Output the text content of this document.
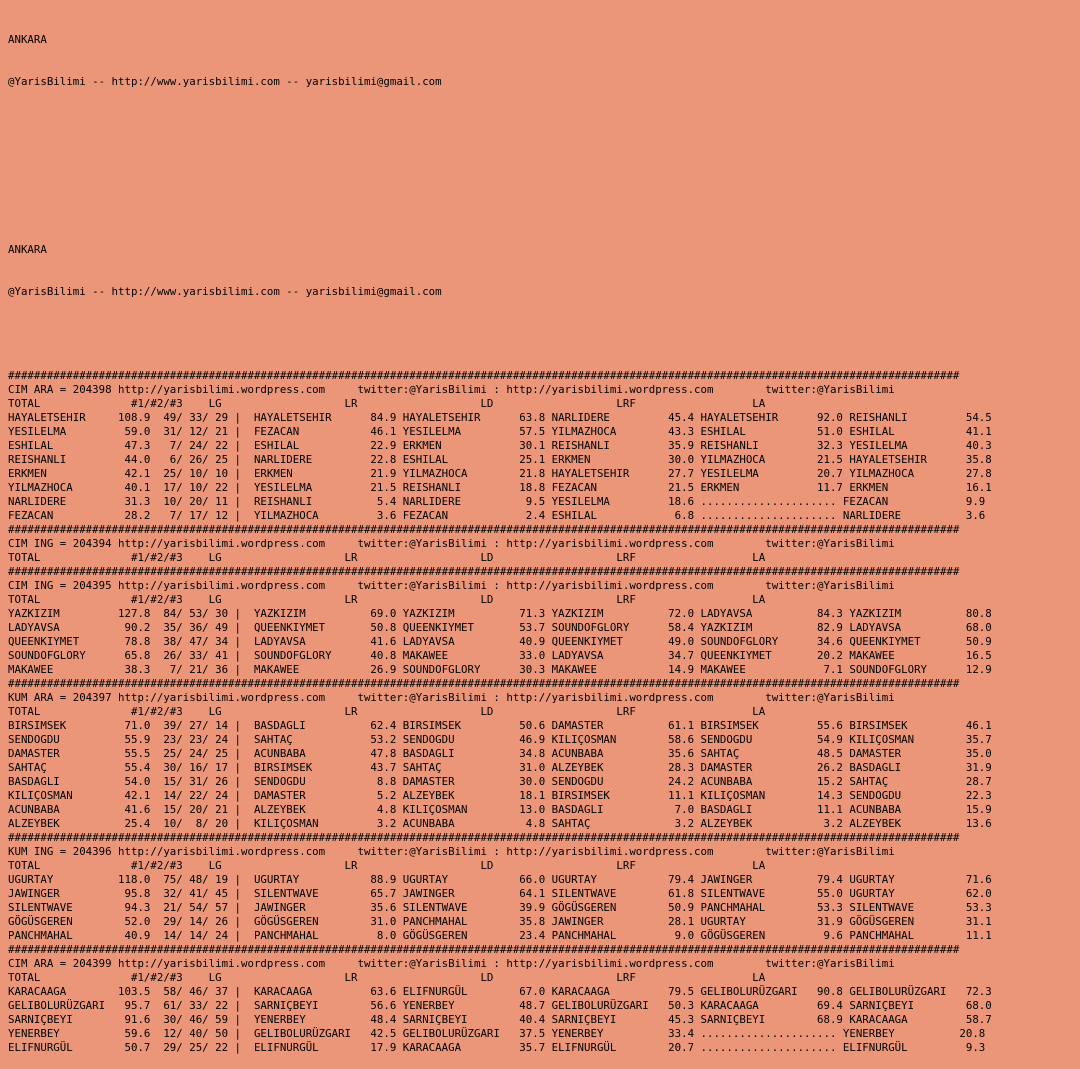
ANKARA

@YarisBilimi -- http://www.yarisbilimi.com -- yarisbilimi@gmail.com

ANKARA

@YarisBilimi -- http://www.yarisbilimi.com -- yarisbilimi@gmail.com

###################################################################################################################################################
CIM ARA = 204398 http://yarisbilimi.wordpress.com     twitter:@YarisBilimi : http://yarisbilimi.wordpress.com        twitter:@YarisBilimi
TOTAL              #1/#2/#3    LG                   LR                   LD                   LRF                  LA
HAYALETSEHIR     108.9  49/ 33/ 29 |  HAYALETSEHIR      84.9 HAYALETSEHIR      63.8 NARLIDERE         45.4 HAYALETSEHIR      92.0 REISHANLI         54.5
YESILELMA         59.0  31/ 12/ 21 |  FEZACAN           46.1 YESILELMA         57.5 YILMAZHOCA        43.3 ESHILAL           51.0 ESHILAL           41.1
ESHILAL           47.3   7/ 24/ 22 |  ESHILAL           22.9 ERKMEN            30.1 REISHANLI         35.9 REISHANLI         32.3 YESILELMA         40.3
REISHANLI         44.0   6/ 26/ 25 |  NARLIDERE         22.8 ESHILAL           25.1 ERKMEN            30.0 YILMAZHOCA        21.5 HAYALETSEHIR      35.8
ERKMEN            42.1  25/ 10/ 10 |  ERKMEN            21.9 YILMAZHOCA        21.8 HAYALETSEHIR      27.7 YESILELMA         20.7 YILMAZHOCA        27.8
YILMAZHOCA        40.1  17/ 10/ 22 |  YESILELMA         21.5 REISHANLI         18.8 FEZACAN           21.5 ERKMEN            11.7 ERKMEN            16.1
NARLIDERE         31.3  10/ 20/ 11 |  REISHANLI          5.4 NARLIDERE          9.5 YESILELMA         18.6 ..................... FEZACAN            9.9
FEZACAN           28.2   7/ 17/ 12 |  YILMAZHOCA         3.6 FEZACAN            2.4 ESHILAL            6.8 ..................... NARLIDERE          3.6
###################################################################################################################################################
CIM ING = 204394 http://yarisbilimi.wordpress.com     twitter:@YarisBilimi : http://yarisbilimi.wordpress.com        twitter:@YarisBilimi
TOTAL              #1/#2/#3    LG                   LR                   LD                   LRF                  LA
###################################################################################################################################################
CIM ING = 204395 http://yarisbilimi.wordpress.com     twitter:@YarisBilimi : http://yarisbilimi.wordpress.com        twitter:@YarisBilimi
TOTAL              #1/#2/#3    LG                   LR                   LD                   LRF                  LA
YAZKIZIM         127.8  84/ 53/ 30 |  YAZKIZIM          69.0 YAZKIZIM          71.3 YAZKIZIM          72.0 LADYAVSA          84.3 YAZKIZIM          80.8
LADYAVSA          90.2  35/ 36/ 49 |  QUEENKIYMET       50.8 QUEENKIYMET       53.7 SOUNDOFGLORY      58.4 YAZKIZIM          82.9 LADYAVSA          68.0
QUEENKIYMET       78.8  38/ 47/ 34 |  LADYAVSA          41.6 LADYAVSA          40.9 QUEENKIYMET       49.0 SOUNDOFGLORY      34.6 QUEENKIYMET       50.9
SOUNDOFGLORY      65.8  26/ 33/ 41 |  SOUNDOFGLORY      40.8 MAKAWEE           33.0 LADYAVSA          34.7 QUEENKIYMET       20.2 MAKAWEE           16.5
MAKAWEE           38.3   7/ 21/ 36 |  MAKAWEE           26.9 SOUNDOFGLORY      30.3 MAKAWEE           14.9 MAKAWEE            7.1 SOUNDOFGLORY      12.9
###################################################################################################################################################
KUM ARA = 204397 http://yarisbilimi.wordpress.com     twitter:@YarisBilimi : http://yarisbilimi.wordpress.com        twitter:@YarisBilimi
TOTAL              #1/#2/#3    LG                   LR                   LD                   LRF                  LA
BIRSIMSEK         71.0  39/ 27/ 14 |  BASDAGLI          62.4 BIRSIMSEK         50.6 DAMASTER          61.1 BIRSIMSEK         55.6 BIRSIMSEK         46.1
SENDOGDU          55.9  23/ 23/ 24 |  SAHTAÇ            53.2 SENDOGDU          46.9 KILIÇOSMAN        58.6 SENDOGDU          54.9 KILIÇOSMAN        35.7
DAMASTER          55.5  25/ 24/ 25 |  ACUNBABA          47.8 BASDAGLI          34.8 ACUNBABA          35.6 SAHTAÇ            48.5 DAMASTER          35.0
SAHTAÇ            55.4  30/ 16/ 17 |  BIRSIMSEK         43.7 SAHTAÇ            31.0 ALZEYBEK          28.3 DAMASTER          26.2 BASDAGLI          31.9
BASDAGLI          54.0  15/ 31/ 26 |  SENDOGDU           8.8 DAMASTER          30.0 SENDOGDU          24.2 ACUNBABA          15.2 SAHTAÇ            28.7
KILIÇOSMAN        42.1  14/ 22/ 24 |  DAMASTER           5.2 ALZEYBEK          18.1 BIRSIMSEK         11.1 KILIÇOSMAN        14.3 SENDOGDU          22.3
ACUNBABA          41.6  15/ 20/ 21 |  ALZEYBEK           4.8 KILIÇOSMAN        13.0 BASDAGLI           7.0 BASDAGLI          11.1 ACUNBABA          15.9
ALZEYBEK          25.4  10/  8/ 20 |  KILIÇOSMAN         3.2 ACUNBABA           4.8 SAHTAÇ             3.2 ALZEYBEK           3.2 ALZEYBEK          13.6
###################################################################################################################################################
KUM ING = 204396 http://yarisbilimi.wordpress.com     twitter:@YarisBilimi : http://yarisbilimi.wordpress.com        twitter:@YarisBilimi
TOTAL              #1/#2/#3    LG                   LR                   LD                   LRF                  LA
UGURTAY          118.0  75/ 48/ 19 |  UGURTAY           88.9 UGURTAY           66.0 UGURTAY           79.4 JAWINGER          79.4 UGURTAY           71.6
JAWINGER          95.8  32/ 41/ 45 |  SILENTWAVE        65.7 JAWINGER          64.1 SILENTWAVE        61.8 SILENTWAVE        55.0 UGURTAY           62.0
SILENTWAVE        94.3  21/ 54/ 57 |  JAWINGER          35.6 SILENTWAVE        39.9 GÖGÜSGEREN        50.9 PANCHMAHAL        53.3 SILENTWAVE        53.3
GÖGÜSGEREN        52.0  29/ 14/ 26 |  GÖGÜSGEREN        31.0 PANCHMAHAL        35.8 JAWINGER          28.1 UGURTAY           31.9 GÖGÜSGEREN        31.1
PANCHMAHAL        40.9  14/ 14/ 24 |  PANCHMAHAL         8.0 GÖGÜSGEREN        23.4 PANCHMAHAL         9.0 GÖGÜSGEREN         9.6 PANCHMAHAL        11.1
###################################################################################################################################################
CIM ARA = 204399 http://yarisbilimi.wordpress.com     twitter:@YarisBilimi : http://yarisbilimi.wordpress.com        twitter:@YarisBilimi
TOTAL              #1/#2/#3    LG                   LR                   LD                   LRF                  LA
KARACAAGA        103.5  58/ 46/ 37 |  KARACAAGA         63.6 ELIFNURGÜL        67.0 KARACAAGA         79.5 GELIBOLURÜZGARI   90.8 GELIBOLURÜZGARI   72.3
GELIBOLURÜZGARI   95.7  61/ 33/ 22 |  SARNIÇBEYI        56.6 YENERBEY          48.7 GELIBOLURÜZGARI   50.3 KARACAAGA         69.4 SARNIÇBEYI        68.0
SARNIÇBEYI        91.6  30/ 46/ 59 |  YENERBEY          48.4 SARNIÇBEYI        40.4 SARNIÇBEYI        45.3 SARNIÇBEYI        68.9 KARACAAGA         58.7
YENERBEY          59.6  12/ 40/ 50 |  GELIBOLURÜZGARI   42.5 GELIBOLURÜZGARI   37.5 YENERBEY          33.4 ..................... YENERBEY          20.8
ELIFNURGÜL        50.7  29/ 25/ 22 |  ELIFNURGÜL        17.9 KARACAAGA         35.7 ELIFNURGÜL        20.7 ..................... ELIFNURGÜL         9.3
